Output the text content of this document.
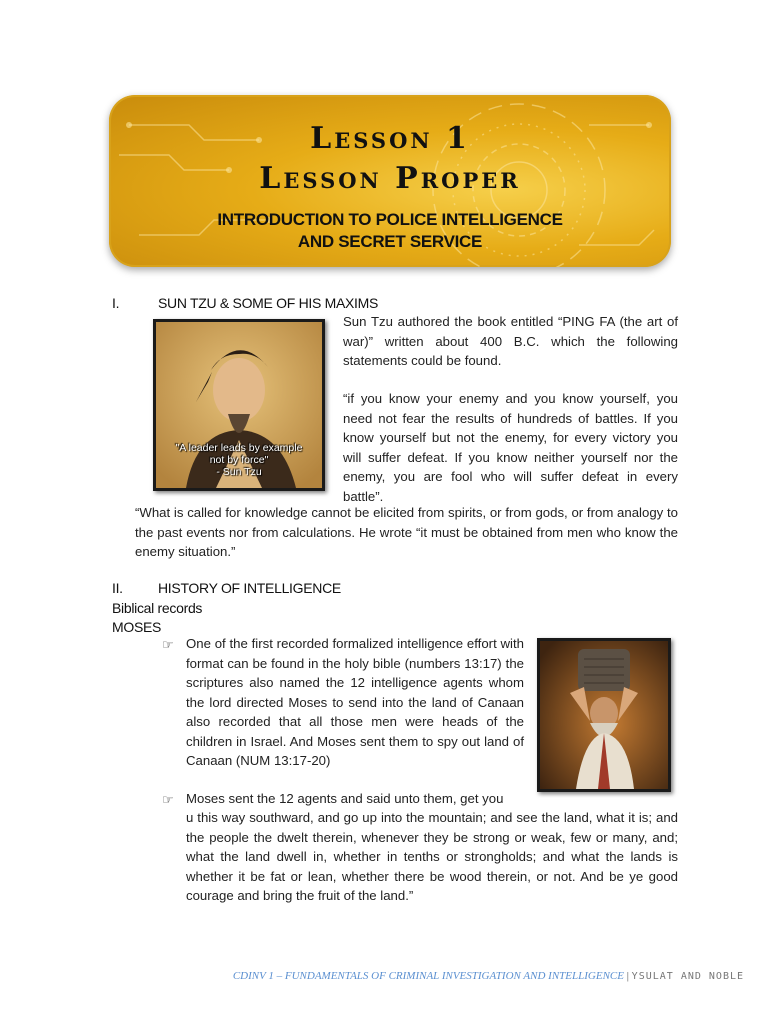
Lesson 1
Lesson Proper
INTRODUCTION TO POLICE INTELLIGENCE
AND SECRET SERVICE
I.	SUN TZU & SOME OF HIS MAXIMS
"A leader leads by example
not by force"
- Sun Tzu

Sun Tzu authored the book entitled “PING FA (the art of war)” written about 400 B.C. which the following statements could be found.

“if you know your enemy and you know yourself, you need not fear the results of hundreds of battles. If you know yourself but not the enemy, for every victory you will suffer defeat. If you know neither yourself nor the enemy, you are fool who will suffer defeat in every battle”.

“What is called for knowledge cannot be elicited from spirits, or from gods, or from analogy to the past events nor from calculations. He wrote “it must be obtained from men who know the enemy situation.”

II.	HISTORY OF INTELLIGENCE
Biblical records
MOSES
☞ One of the first recorded formalized intelligence effort with format can be found in the holy bible (numbers 13:17) the scriptures also named the 12 intelligence agents whom the lord directed Moses to send into the land of Canaan also recorded that all those men were heads of the children in Israel. And Moses sent them to spy out land of Canaan (NUM 13:17-20)

☞ Moses sent the 12 agents and said unto them, get you

u this way southward, and go up into the mountain; and see the land, what it is; and the people the dwelt therein, whenever they be strong or weak, few or many, and; what the land dwell in, whether in tenths or strongholds; and what the lands is whether it be fat or lean, whether there be wood therein, or not. And be ye good courage and bring the fruit of the land.”

CDINV 1 – FUNDAMENTALS OF CRIMINAL INVESTIGATION AND INTELLIGENCE | YSULAT AND NOBLE
